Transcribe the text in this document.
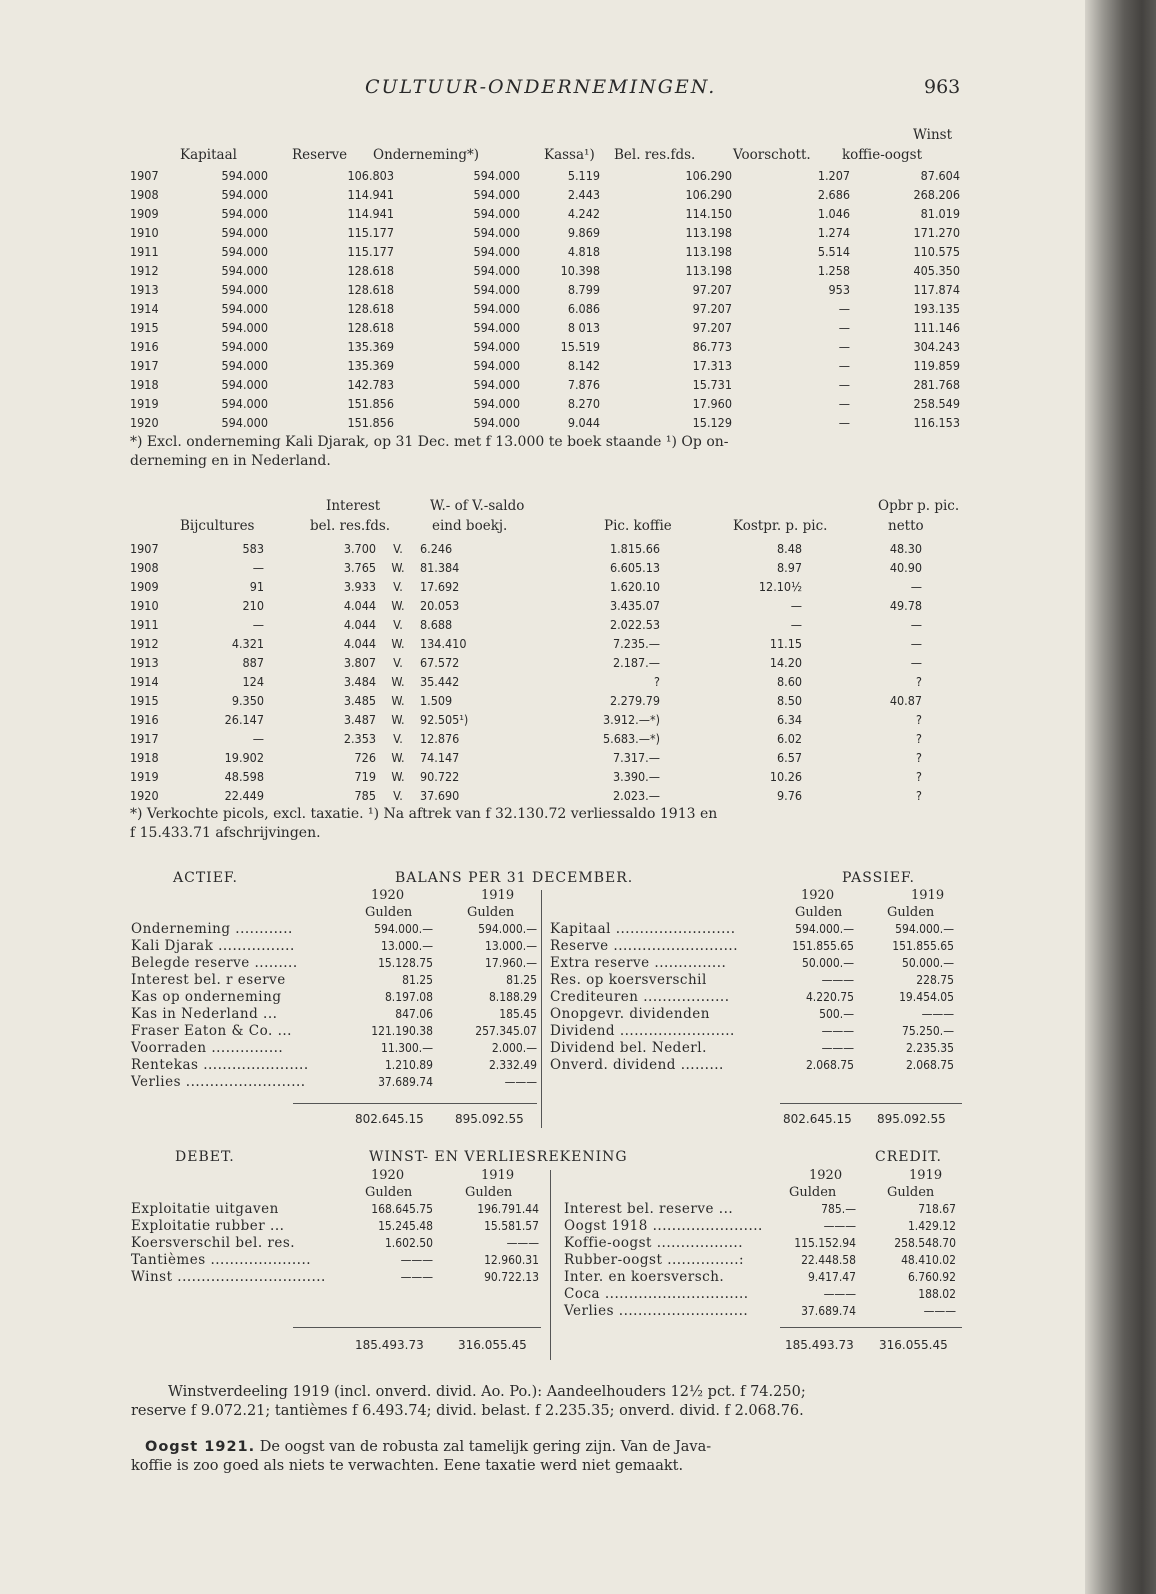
CULTUUR-ONDERNEMINGEN.	963
Kapitaal	Reserve Onderneming*)	Kassa¹) Bel. res.fds.	Voorschott.
Winst
koffie-oogst
1907	594.000	106.803	594.000	5.119	106.290	1.207	87.604
1908	594.000	114.941	594.000	2.443	106.290	2.686	268.206
1909	594.000	114.941	594.000	4.242	114.150	1.046	81.019
1910	594.000	115.177	594.000	9.869	113.198	1.274	171.270
1911	594.000	115.177	594.000	4.818	113.198	5.514	110.575
1912	594.000	128.618	594.000	10.398	113.198	1.258	405.350
1913	594.000	128.618	594.000	8.799	97.207	953	117.874
1914	594.000	128.618	594.000	6.086	97.207	—	193.135
1915	594.000	128.618	594.000	8 013	97.207	—	111.146
1916	594.000	135.369	594.000	15.519	86.773	—	304.243
1917	594.000	135.369	594.000	8.142	17.313	—	119.859
1918	594.000	142.783	594.000	7.876	15.731	—	281.768
1919	594.000	151.856	594.000	8.270	17.960	—	258.549
1920	594.000	151.856	594.000	9.044	15.129	—	116.153
*) Excl. onderneming Kali Djarak, op 31 Dec. met f 13.000 te boek staande ¹) Op on-
derneming en in Nederland.
Bijcultures
Interest
bel. res.fds.
W.- of V.-saldo
eind boekj.	Pic. koffie	Kostpr. p. pic.
Opbr p. pic.
netto
1907	583	3.700	V.	6.246	1.815.66	8.48	48.30
1908	—	3.765	W.	81.384	6.605.13	8.97	40.90
1909	91	3.933	V.	17.692	1.620.10	12.10½	—
1910	210	4.044	W.	20.053	3.435.07	—	49.78
1911	—	4.044	V.	8.688	2.022.53	—	—
1912	4.321	4.044	W.	134.410	7.235.—	11.15	—
1913	887	3.807	V.	67.572	2.187.—	14.20	—
1914	124	3.484	W.	35.442	?	8.60	?
1915	9.350	3.485	W.	1.509	2.279.79	8.50	40.87
1916	26.147	3.487	W.	92.505¹)	3.912.—*)	6.34	?
1917	—	2.353	V.	12.876	5.683.—*)	6.02	?
1918	19.902	726	W.	74.147	7.317.—	6.57	?
1919	48.598	719	W.	90.722	3.390.—	10.26	?
1920	22.449	785	V.	37.690	2.023.—	9.76	?
*) Verkochte picols, excl. taxatie. ¹) Na aftrek van f 32.130.72 verliessaldo 1913 en
f 15.433.71 afschrijvingen.
ACTIEF.	BALANS PER 31 DECEMBER.	PASSIEF.
1920	1919
Gulden	Gulden
1920	1919
Gulden	Gulden
Onderneming ............	594.000.—	594.000.—
Kali Djarak ................	13.000.—	13.000.—
Belegde reserve .........	15.128.75	17.960.—
Interest bel. r eserve	81.25	81.25
Kas op onderneming	8.197.08	8.188.29
Kas in Nederland ...	847.06	185.45
Fraser Eaton & Co. ...	121.190.38	257.345.07
Voorraden ...............	11.300.—	2.000.—
Rentekas ......................	1.210.89	2.332.49
Verlies .........................	37.689.74	———
Kapitaal .........................	594.000.—	594.000.—
Reserve ..........................	151.855.65	151.855.65
Extra reserve ...............	50.000.—	50.000.—
Res. op koersverschil	———	228.75
Crediteuren ..................	4.220.75	19.454.05
Onopgevr. dividenden	500.—	———
Dividend ........................	———	75.250.—
Dividend bel. Nederl.	———	2.235.35
Onverd. dividend .........	2.068.75	2.068.75
802.645.15	895.092.55	802.645.15 895.092.55
DEBET.	WINST- EN VERLIESREKENING	CREDIT.
1920	1919
Gulden	Gulden
1920	1919
Gulden	Gulden
Exploitatie uitgaven	168.645.75	196.791.44
Exploitatie rubber ...	15.245.48	15.581.57
Koersverschil bel. res.	1.602.50	———
Tantièmes .....................	———	12.960.31
Winst ...............................	———	90.722.13
Interest bel. reserve ...	785.—	718.67
Oogst 1918 .......................	———	1.429.12
Koffie-oogst ..................	115.152.94	258.548.70
Rubber-oogst ...............:	22.448.58	48.410.02
Inter. en koersversch.	9.417.47	6.760.92
Coca ..............................	———	188.02
Verlies ...........................	37.689.74	———
185.493.73	316.055.45	185.493.73 316.055.45
Winstverdeeling 1919 (incl. onverd. divid. Ao. Po.): Aandeelhouders 12½ pct. f 74.250;
reserve f 9.072.21; tantièmes f 6.493.74; divid. belast. f 2.235.35; onverd. divid. f 2.068.76.
Oogst 1921. De oogst van de robusta zal tamelijk gering zijn. Van de Java-
koffie is zoo goed als niets te verwachten. Eene taxatie werd niet gemaakt.
